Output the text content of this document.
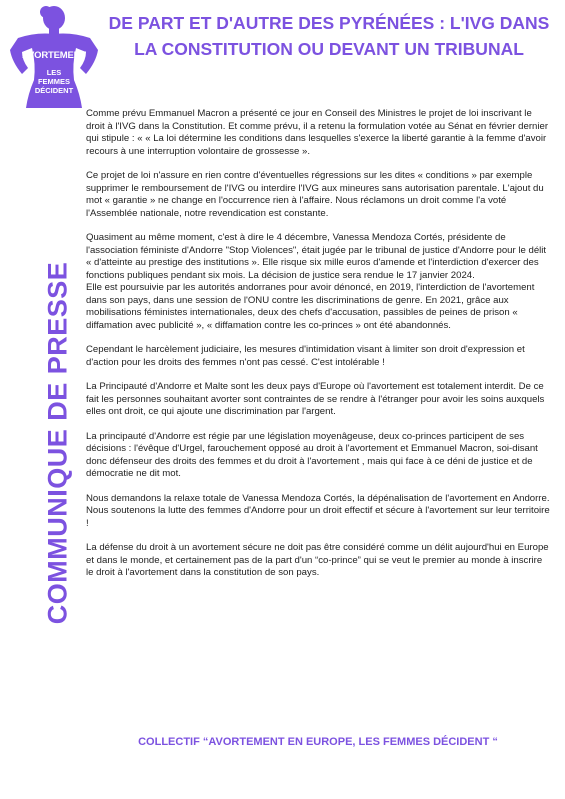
AVORTEMENT
LES
FEMMES
DÉCIDENT
DE PART ET D'AUTRE DES PYRÉNÉES : L'IVG DANS LA CONSTITUTION OU DEVANT UN TRIBUNAL
COMMUNIQUE DE PRESSE

Comme prévu Emmanuel Macron a présenté ce jour en Conseil des Ministres le projet de loi inscrivant le droit à l'IVG dans la Constitution. Et comme prévu, il a retenu la formulation votée au Sénat en février dernier qui stipule : « « La loi détermine les conditions dans lesquelles s'exerce la liberté garantie à la femme d'avoir recours à une interruption volontaire de grossesse ».

Ce projet de loi n'assure en rien contre d'éventuelles régressions sur les dites « conditions » par exemple supprimer le remboursement de l'IVG ou interdire l'IVG aux mineures sans autorisation parentale. L'ajout du mot « garantie » ne change en l'occurrence rien à l'affaire. Nous réclamons un droit comme l'a voté l'Assemblée nationale, notre revendication est constante.

Quasiment au même moment, c'est à dire le 4 décembre, Vanessa Mendoza Cortés, présidente de l'association féministe d'Andorre "Stop Violences", était jugée par le tribunal de justice d'Andorre pour le délit « d'atteinte au prestige des institutions ». Elle risque six mille euros d'amende et l'interdiction d'exercer des fonctions publiques pendant six mois. La décision de justice sera rendue le 17 janvier 2024.

Elle est poursuivie par les autorités andorranes pour avoir dénoncé, en 2019, l'interdiction de l'avortement dans son pays, dans une session de l'ONU contre les discriminations de genre. En 2021, grâce aux mobilisations féministes internationales, deux des chefs d'accusation, passibles de peines de prison « diffamation avec publicité », « diffamation contre les co-princes » ont été abandonnés.

Cependant le harcèlement judiciaire, les mesures d'intimidation visant à limiter son droit d'expression et d'action pour les droits des femmes n'ont pas cessé. C'est intolérable !

La Principauté d'Andorre et Malte sont les deux pays d'Europe où l'avortement est totalement interdit. De ce fait les personnes souhaitant avorter sont contraintes de se rendre à l'étranger pour avoir les soins auxquels elles ont droit, ce qui ajoute une discrimination par l'argent.

La principauté d'Andorre est régie par une législation moyenâgeuse, deux co-princes participent de ses décisions : l'évêque d'Urgel, farouchement opposé au droit à l'avortement et Emmanuel Macron, soi-disant donc défenseur des droits des femmes et du droit à l'avortement , mais qui face à ce déni de justice et de démocratie ne dit mot.

Nous demandons la relaxe totale de Vanessa Mendoza Cortés, la dépénalisation de l'avortement en Andorre.

Nous soutenons la lutte des femmes d'Andorre pour un droit effectif et sécure à l'avortement sur leur territoire !

La défense du droit à un avortement sécure ne doit pas être considéré comme un délit aujourd'hui en Europe et dans le monde, et certainement pas de la part d'un “co-prince” qui se veut le premier au monde à inscrire le droit à l'avortement dans la constitution de son pays.

COLLECTIF “AVORTEMENT EN EUROPE, LES FEMMES DÉCIDENT “
